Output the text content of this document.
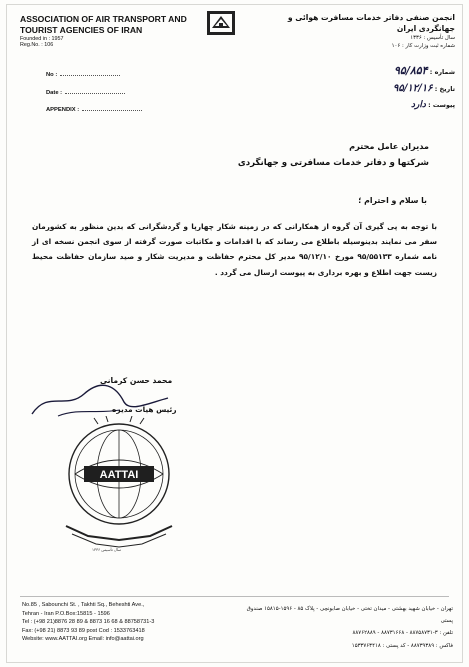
ASSOCIATION OF AIR TRANSPORT AND
TOURIST AGENCIES OF IRAN
Founded in : 1957
Reg.No. : 106
انجمن صنفی دفاتر خدمات مسافرت هوائی و جهانگردی ایران
سال تأسیس : ۱۳۳۶
شماره ثبت وزارت کار : ۱۰۶
No :
Date :
APPENDIX :
شماره : ۹۵/۸۵۴
تاریخ : ۹۵/۱۲/۱۶
پیوست : دارد
مدیران عامل محترم
شرکتها و دفاتر خدمات مسافرتی و جهانگردی
با سلام و احترام ؛
با توجه به پی گیری آن گروه از همکارانی که در زمینه شکار چهارپا و گردشگرانی که بدین منظور به کشورمان سفر می نمایند بدینوسیله باطلاع می رساند که با اقدامات و مکاتبات صورت گرفته از سوی انجمن نسخه ای از نامه شماره ۹۵/۵۵۱۳۳ مورخ ۹۵/۱۲/۱۰ مدیر کل محترم حفاظت و مدیریت شکار و صید سازمان حفاظت محیط زیست جهت اطلاع و بهره برداری به پیوست ارسال می گردد .
محمد حسن کرمانی
رئیس هیات مدیره
AATTAI
سال تأسیس ۱۳۳۶
No.85 , Sabounchi St. , Takhti Sq., Beheshti Ave.,
Tehran - Iran P.O.Box:15815 - 1596
Tel : (+98 21)8876 28 89 & 8873 16 68 & 88758731-3
Fax: (+98 21) 8873 93 89 post Cod : 1533763418
Website: www.AATTAI.org Email: info@aattai.org
تهران - خیابان شهید بهشتی - میدان تختی - خیابان صابونچی - پلاک ۸۵ - ۱۵۹۶-۱۵۸۱۵ صندوق پستی
تلفن : ۳-۸۸۷۵۸۷۳۱ - ۸۸۷۳۱۶۶۸ - ۸۸۷۶۲۸۸۹
فاکس : ۸۸۷۳۹۳۸۹ - کد پستی : ۱۵۳۳۷۶۳۴۱۸
